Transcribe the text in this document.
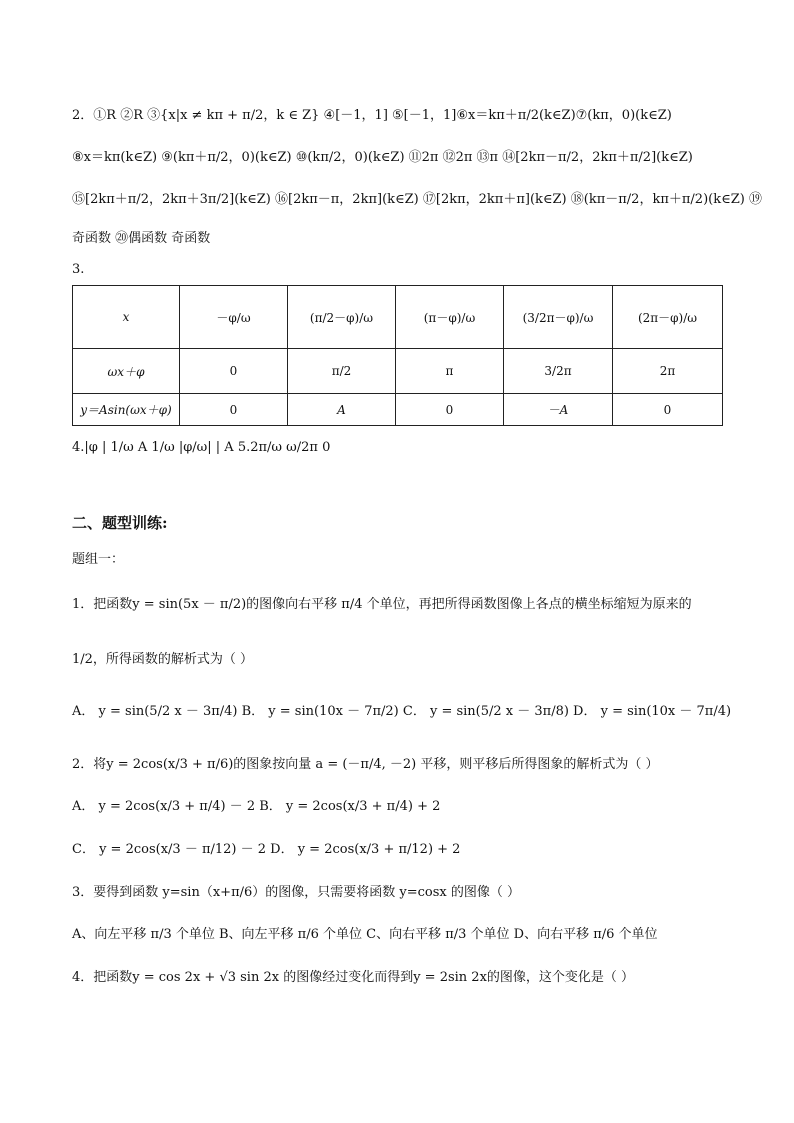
2．①R ②R ③{x|x ≠ kπ + π/2，k ∈ Z} ④[－1，1] ⑤[－1，1]⑥x＝kπ＋π/2(k∈Z)⑦(kπ，0)(k∈Z)
⑧x＝kπ(k∈Z) ⑨(kπ＋π/2，0)(k∈Z) ⑩(kπ/2，0)(k∈Z) ⑪2π ⑫2π ⑬π ⑭[2kπ－π/2，2kπ＋π/2](k∈Z)
⑮[2kπ＋π/2，2kπ＋3π/2](k∈Z) ⑯[2kπ－π，2kπ](k∈Z) ⑰[2kπ，2kπ＋π](k∈Z) ⑱(kπ－π/2，kπ＋π/2)(k∈Z) ⑲
奇函数 ⑳偶函数 奇函数
3.
x	－φ/ω	(π/2－φ)/ω	(π－φ)/ω	(3/2π－φ)/ω	(2π－φ)/ω
ωx＋φ	0	π/2	π	3/2π	2π
y＝Asin(ωx＋φ)	0	A	0	－A	0
4.|φ | 1/ω A 1/ω |φ/ω| | A 5.2π/ω ω/2π 0
二、题型训练:
题组一：
1．把函数y = sin(5x － π/2)的图像向右平移 π/4 个单位，再把所得函数图像上各点的横坐标缩短为原来的
1/2，所得函数的解析式为（ ）
A． y = sin(5/2 x － 3π/4) B． y = sin(10x － 7π/2) C． y = sin(5/2 x － 3π/8) D． y = sin(10x － 7π/4)
2．将y = 2cos(x/3 + π/6)的图象按向量 a = (－π/4, －2) 平移，则平移后所得图象的解析式为（ ）
A． y = 2cos(x/3 + π/4) － 2 B． y = 2cos(x/3 + π/4) + 2
C． y = 2cos(x/3 － π/12) － 2 D． y = 2cos(x/3 + π/12) + 2
3．要得到函数 y=sin（x+π/6）的图像，只需要将函数 y=cosx 的图像（ ）
A、向左平移 π/3 个单位 B、向左平移 π/6 个单位 C、向右平移 π/3 个单位 D、向右平移 π/6 个单位
4．把函数y = cos 2x + √3 sin 2x 的图像经过变化而得到y = 2sin 2x的图像，这个变化是（ ）
